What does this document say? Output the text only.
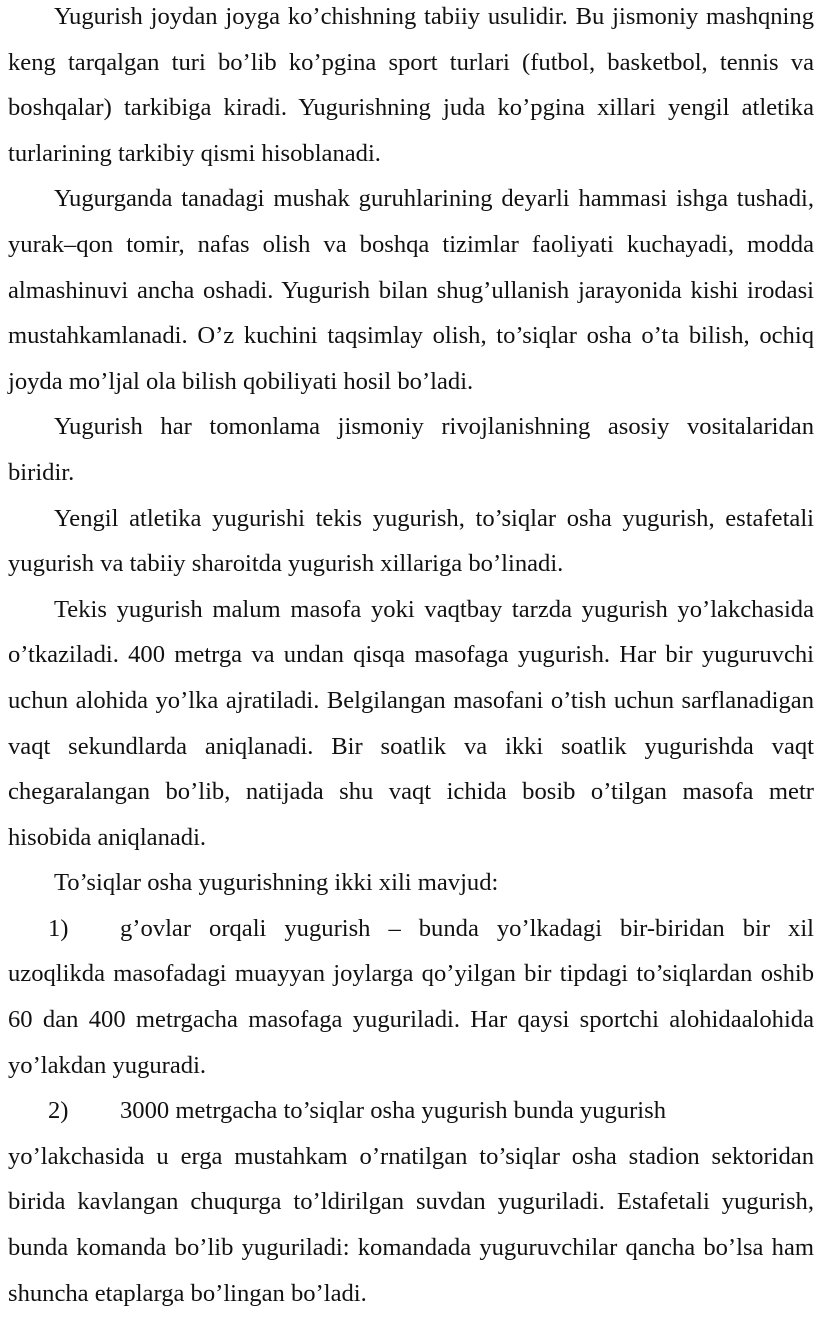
Yugurish joydan joyga ko’chishning tabiiy usulidir. Bu jismoniy mashqning keng tarqalgan turi bo’lib ko’pgina sport turlari (futbol, basketbol, tennis va boshqalar) tarkibiga kiradi. Yugurishning juda ko’pgina xillari yengil atletika turlarining tarkibiy qismi hisoblanadi.

Yugurganda tanadagi mushak guruhlarining deyarli hammasi ishga tushadi, yurak–qon tomir, nafas olish va boshqa tizimlar faoliyati kuchayadi, modda almashinuvi ancha oshadi. Yugurish bilan shug’ullanish jarayonida kishi irodasi mustahkamlanadi. O’z kuchini taqsimlay olish, to’siqlar osha o’ta bilish, ochiq joyda mo’ljal ola bilish qobiliyati hosil bo’ladi.

Yugurish har tomonlama jismoniy rivojlanishning asosiy vositalaridan biridir.

Yengil atletika yugurishi tekis yugurish, to’siqlar osha yugurish, estafetali yugurish va tabiiy sharoitda yugurish xillariga bo’linadi.

Tekis yugurish malum masofa yoki vaqtbay tarzda yugurish yo’lakchasida o’tkaziladi. 400 metrga va undan qisqa masofaga yugurish. Har bir yuguruvchi uchun alohida yo’lka ajratiladi. Belgilangan masofani o’tish uchun sarflanadigan vaqt sekundlarda aniqlanadi. Bir soatlik va ikki soatlik yugurishda vaqt chegaralangan bo’lib, natijada shu vaqt ichida bosib o’tilgan masofa metr hisobida aniqlanadi.

To’siqlar osha yugurishning ikki xili mavjud:

1) g’ovlar orqali yugurish – bunda yo’lkadagi bir-biridan bir xil uzoqlikda masofadagi muayyan joylarga qo’yilgan bir tipdagi to’siqlardan oshib 60 dan 400 metrgacha masofaga yuguriladi. Har qaysi sportchi alohidaalohida yo’lakdan yuguradi.

2) 3000 metrgacha to’siqlar osha yugurish bunda yugurish

yo’lakchasida u erga mustahkam o’rnatilgan to’siqlar osha stadion sektoridan birida kavlangan chuqurga to’ldirilgan suvdan yuguriladi. Estafetali yugurish, bunda komanda bo’lib yuguriladi: komandada yuguruvchilar qancha bo’lsa ham shuncha etaplarga bo’lingan bo’ladi.
